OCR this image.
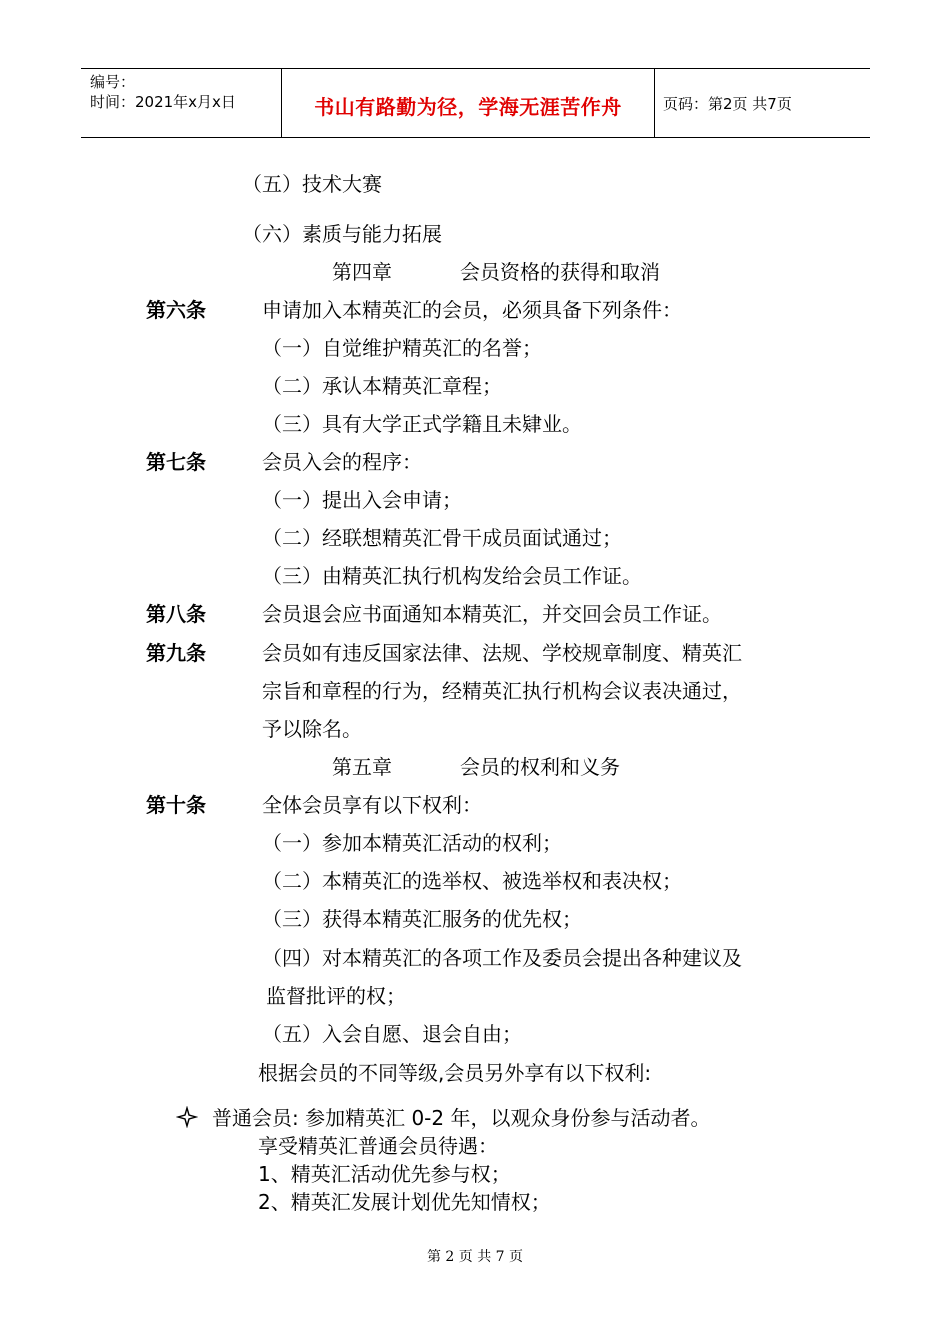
编号：
时间：2021年x月x日	书山有路勤为径，学海无涯苦作舟	页码：第2页 共7页
（五）技术大赛
（六）素质与能力拓展
第四章	会员资格的获得和取消
第六条	申请加入本精英汇的会员，必须具备下列条件：
（一）自觉维护精英汇的名誉；
（二）承认本精英汇章程；
（三）具有大学正式学籍且未肄业。
第七条	会员入会的程序：
（一）提出入会申请；
（二）经联想精英汇骨干成员面试通过；
（三）由精英汇执行机构发给会员工作证。
第八条	会员退会应书面通知本精英汇，并交回会员工作证。
第九条	会员如有违反国家法律、法规、学校规章制度、精英汇
宗旨和章程的行为，经精英汇执行机构会议表决通过，
予以除名。
第五章	会员的权利和义务
第十条	全体会员享有以下权利：
（一）参加本精英汇活动的权利；
（二）本精英汇的选举权、被选举权和表决权；
（三）获得本精英汇服务的优先权；
（四）对本精英汇的各项工作及委员会提出各种建议及
监督批评的权；
（五）入会自愿、退会自由；
根据会员的不同等级,会员另外享有以下权利:
普通会员: 参加精英汇 0-2 年，以观众身份参与活动者。
享受精英汇普通会员待遇：
1、精英汇活动优先参与权；
2、精英汇发展计划优先知情权；
第 2 页 共 7 页
